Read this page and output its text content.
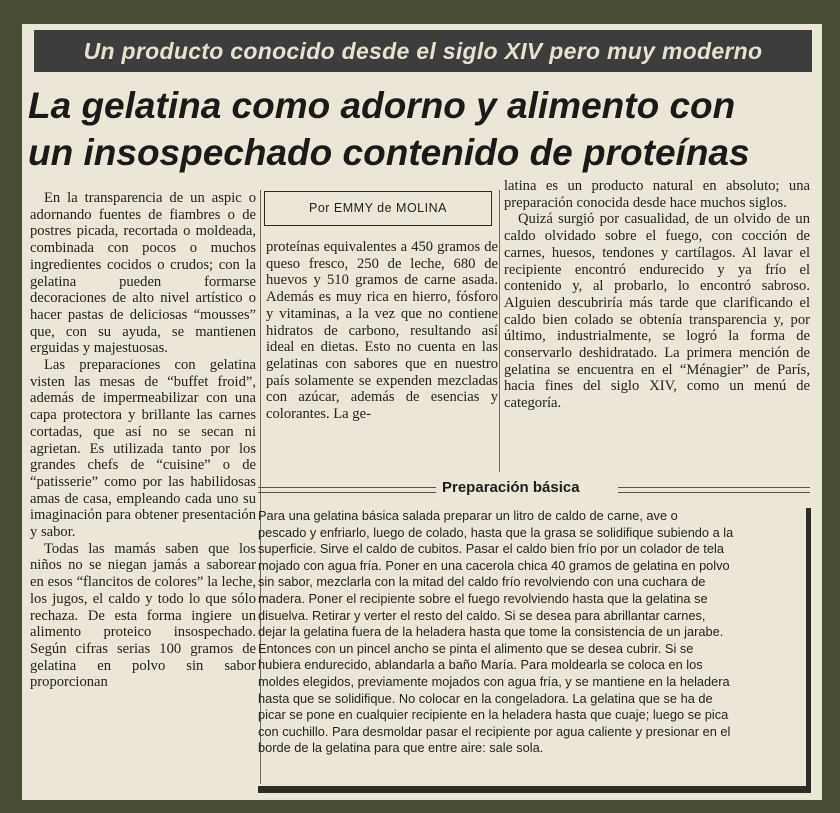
Un producto conocido desde el siglo XIV pero muy moderno
La gelatina como adorno y alimento con
un insospechado contenido de proteínas

En la transparencia de un aspic o adornando fuentes de fiambres o de postres picada, recortada o moldeada, combinada con pocos o muchos ingredientes cocidos o crudos; con la gelatina pueden formarse decoraciones de alto nivel artístico o hacer pastas de deliciosas “mousses” que, con su ayuda, se mantienen erguidas y majestuosas.

Las preparaciones con gelatina visten las mesas de “buffet froid”, además de impermeabilizar con una capa protectora y brillante las carnes cortadas, que así no se secan ni agrietan. Es utilizada tanto por los grandes chefs de “cuisine” o de “patisserie” como por las habilidosas amas de casa, empleando cada uno su imaginación para obtener presentación y sabor.

Todas las mamás saben que los niños no se niegan jamás a saborear en esos “flancitos de colores” la leche, los jugos, el caldo y todo lo que sólo rechaza. De esta forma ingiere un alimento proteico insospechado. Según cifras serias 100 gramos de gelatina en polvo sin sabor proporcionan

Por EMMY de MOLINA

proteínas equivalentes a 450 gramos de queso fresco, 250 de leche, 680 de huevos y 510 gramos de carne asada. Además es muy rica en hierro, fósforo y vitaminas, a la vez que no contiene hidratos de carbono, resultando así ideal en dietas. Esto no cuenta en las gelatinas con sabores que en nuestro país solamente se expenden mezcladas con azúcar, además de esencias y colorantes. La ge-

latina es un producto natural en absoluto; una preparación conocida desde hace muchos siglos.

Quizá surgió por casualidad, de un olvido de un caldo olvidado sobre el fuego, con cocción de carnes, huesos, tendones y cartílagos. Al lavar el recipiente encontró endurecido y ya frío el contenido y, al probarlo, lo encontró sabroso. Alguien descubriría más tarde que clarificando el caldo bien colado se obtenía transparencia y, por último, industrialmente, se logró la forma de conservarlo deshidratado. La primera mención de gelatina se encuentra en el “Ménagier” de París, hacia fines del siglo XIV, como un menú de categoría.

Preparación básica
Para una gelatina básica salada preparar un litro de caldo de carne, ave o
pescado y enfriarlo, luego de colado, hasta que la grasa se solidifique subiendo a la
superficie. Sirve el caldo de cubitos. Pasar el caldo bien frío por un colador de tela
mojado con agua fría. Poner en una cacerola chica 40 gramos de gelatina en polvo
sin sabor, mezclarla con la mitad del caldo frío revolviendo con una cuchara de
madera. Poner el recipiente sobre el fuego revolviendo hasta que la gelatina se
disuelva. Retirar y verter el resto del caldo. Si se desea para abrillantar carnes,
dejar la gelatina fuera de la heladera hasta que tome la consistencia de un jarabe.
Entonces con un pincel ancho se pinta el alimento que se desea cubrir. Si se
hubiera endurecido, ablandarla a baño María. Para moldearla se coloca en los
moldes elegidos, previamente mojados con agua fría, y se mantiene en la heladera
hasta que se solidifique. No colocar en la congeladora. La gelatina que se ha de
picar se pone en cualquier recipiente en la heladera hasta que cuaje; luego se pica
con cuchillo. Para desmoldar pasar el recipiente por agua caliente y presionar en el
borde de la gelatina para que entre aire: sale sola.
